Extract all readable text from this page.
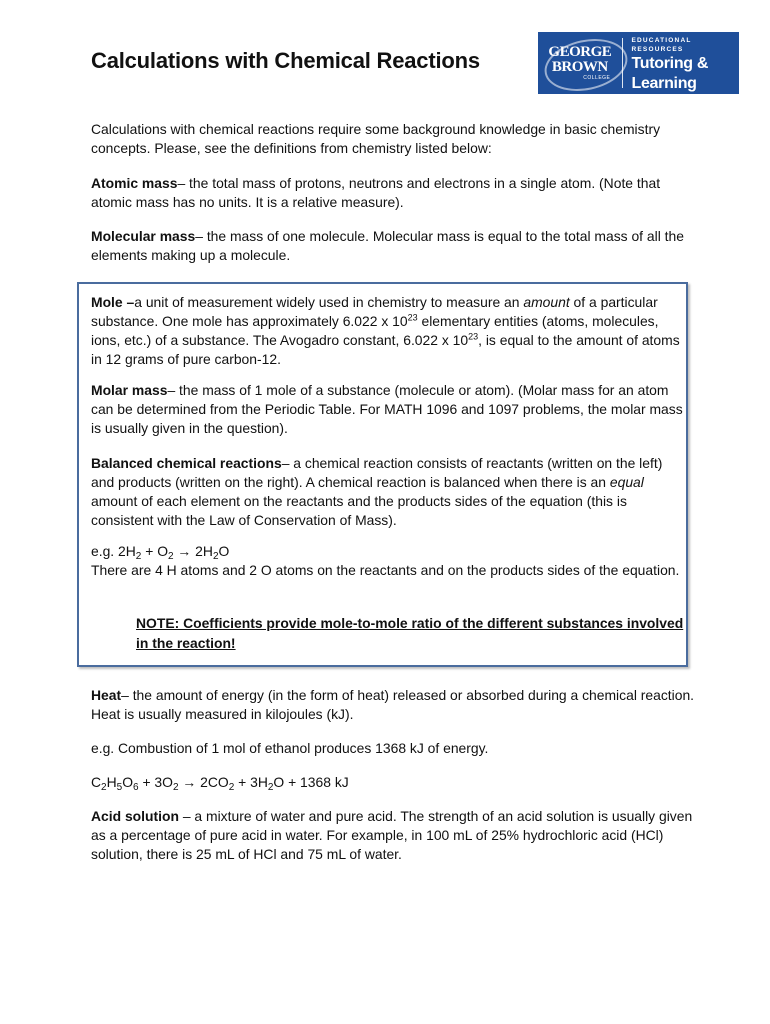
Calculations with Chemical Reactions	GEORGE
BROWN
COLLEGE
EDUCATIONAL RESOURCES
Tutoring &
Learning Centre
Calculations with chemical reactions require some background knowledge in basic chemistry concepts. Please, see the definitions from chemistry listed below:
Atomic mass– the total mass of protons, neutrons and electrons in a single atom. (Note that atomic mass has no units. It is a relative measure).
Molecular mass– the mass of one molecule. Molecular mass is equal to the total mass of all the elements making up a molecule.
Mole –a unit of measurement widely used in chemistry to measure an amount of a particular substance. One mole has approximately 6.022 x $10^{23}$ elementary entities (atoms, molecules, ions, etc.) of a substance. The Avogadro constant, 6.022 x $10^{23}$, is equal to the amount of atoms in 12 grams of pure carbon-12.
Molar mass– the mass of 1 mole of a substance (molecule or atom). (Molar mass for an atom can be determined from the Periodic Table. For MATH 1096 and 1097 problems, the molar mass is usually given in the question).
Balanced chemical reactions– a chemical reaction consists of reactants (written on the left) and products (written on the right). A chemical reaction is balanced when there is an equal amount of each element on the reactants and the products sides of the equation (this is consistent with the Law of Conservation of Mass).
e.g. $2H_2 + O_2 \to 2H_2O$
There are 4 H atoms and 2 O atoms on the reactants and on the products sides of the equation.
NOTE: Coefficients provide mole-to-mole ratio of the different substances involved in the reaction!
Heat– the amount of energy (in the form of heat) released or absorbed during a chemical reaction. Heat is usually measured in kilojoules (kJ).
e.g. Combustion of 1 mol of ethanol produces 1368 kJ of energy.
$C_2H_5O_6 + 3O_2 \to 2CO_2 + 3H_2O + 1368$ kJ
Acid solution – a mixture of water and pure acid. The strength of an acid solution is usually given as a percentage of pure acid in water. For example, in 100 mL of 25% hydrochloric acid (HCl) solution, there is 25 mL of HCl and 75 mL of water.
